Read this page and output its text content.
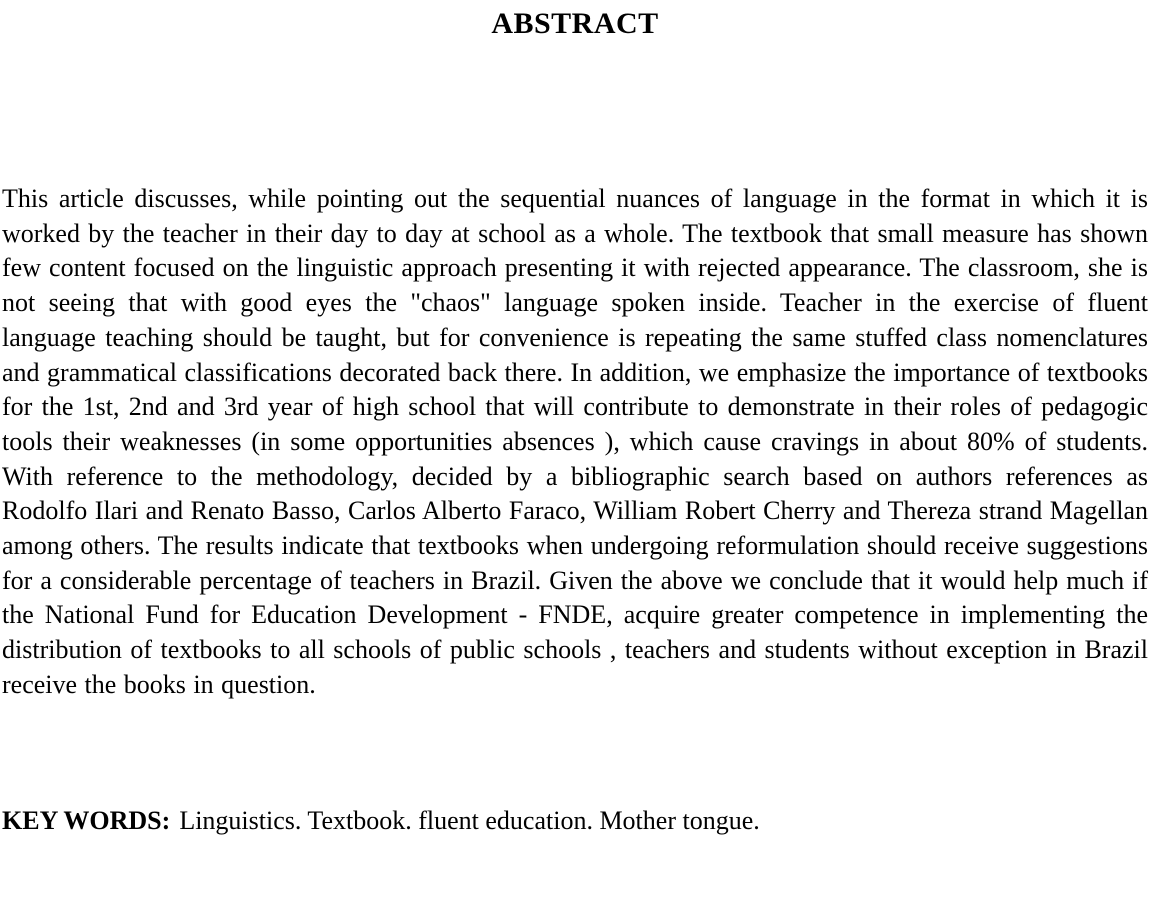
ABSTRACT

This article discusses, while pointing out the sequential nuances of language in the format in which it is worked by the teacher in their day to day at school as a whole. The textbook that small measure has shown few content focused on the linguistic approach presenting it with rejected appearance. The classroom, she is not seeing that with good eyes the "chaos" language spoken inside. Teacher in the exercise of fluent language teaching should be taught, but for convenience is repeating the same stuffed class nomenclatures and grammatical classifications decorated back there. In addition, we emphasize the importance of textbooks for the 1st, 2nd and 3rd year of high school that will contribute to demonstrate in their roles of pedagogic tools their weaknesses (in some opportunities absences ), which cause cravings in about 80% of students. With reference to the methodology, decided by a bibliographic search based on authors references as Rodolfo Ilari and Renato Basso, Carlos Alberto Faraco, William Robert Cherry and Thereza strand Magellan among others. The results indicate that textbooks when undergoing reformulation should receive suggestions for a considerable percentage of teachers in Brazil. Given the above we conclude that it would help much if the National Fund for Education Development - FNDE, acquire greater competence in implementing the distribution of textbooks to all schools of public schools , teachers and students without exception in Brazil receive the books in question.

KEY WORDS: Linguistics. Textbook. fluent education. Mother tongue.
